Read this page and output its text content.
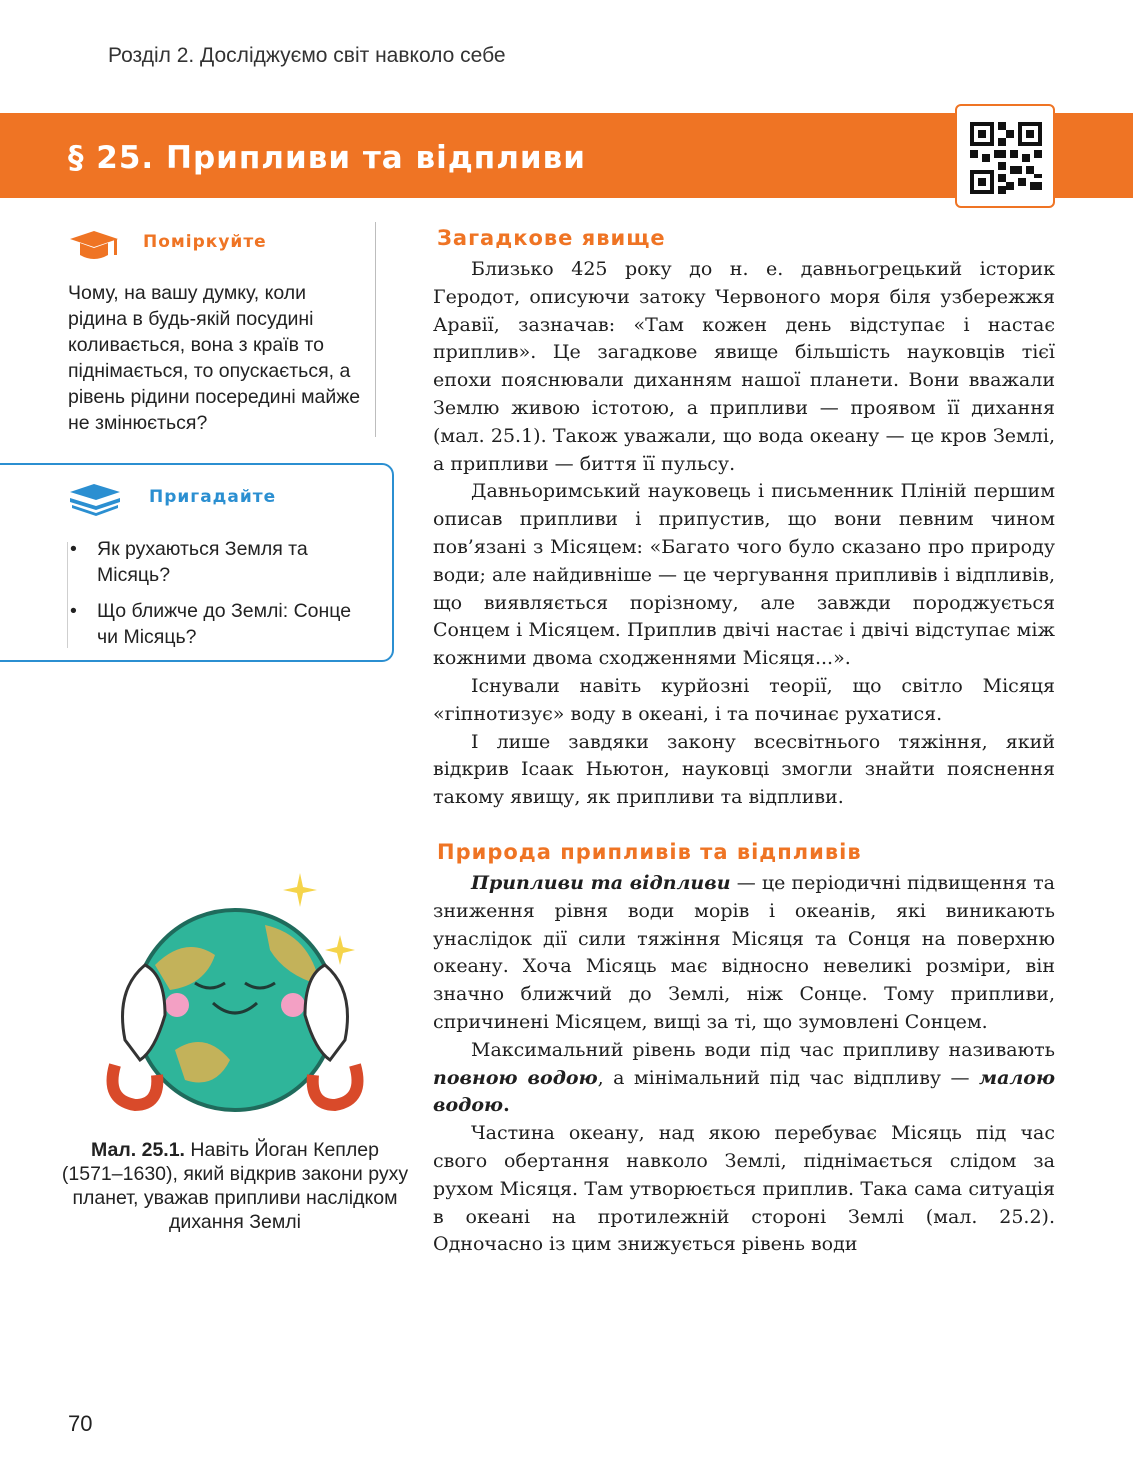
Розділ 2. Досліджуємо світ навколо себе
§ 25. Припливи та відпливи
Поміркуйте
Чому, на вашу думку, коли рідина в будь-якій посудині коливається, вона з країв то піднімається, то опускається, а рівень рідини посередині майже не змінюється?
Пригадайте
• Як рухаються Земля та Місяць?
• Що ближче до Землі: Сонце чи Місяць?
Мал. 25.1. Навіть Йоган Кеплер (1571–1630), який відкрив закони руху планет, уважав припливи наслідком дихання Землі
Загадкове явище

Близько 425 року до н. е. давньогрецький історик Геродот, описуючи затоку Червоного моря біля узбережжя Аравії, зазначав: «Там кожен день відступає і настає приплив». Це загадкове явище більшість науковців тієї епохи пояснювали диханням нашої планети. Вони вважали Землю живою істотою, а припливи — проявом її дихання (мал. 25.1). Також уважали, що вода океану — це кров Землі, а припливи — биття її пульсу.

Давньоримський науковець і письменник Пліній першим описав припливи і припустив, що вони певним чином пов’язані з Місяцем: «Багато чого було сказано про природу води; але найдивніше — це чергування припливів і відпливів, що виявляється порізному, але завжди породжується Сонцем і Місяцем. Приплив двічі настає і двічі відступає між кожними двома сходженнями Місяця...».

Існували навіть курйозні теорії, що світло Місяця «гіпнотизує» воду в океані, і та починає рухатися.

І лише завдяки закону всесвітнього тяжіння, який відкрив Ісаак Ньютон, науковці змогли знайти пояснення такому явищу, як припливи та відпливи.

Природа припливів та відпливів

Припливи та відпливи — це періодичні підвищення та зниження рівня води морів і океанів, які виникають унаслідок дії сили тяжіння Місяця та Сонця на поверхню океану. Хоча Місяць має відносно невеликі розміри, він значно ближчий до Землі, ніж Сонце. Тому припливи, спричинені Місяцем, вищі за ті, що зумовлені Сонцем.

Максимальний рівень води під час припливу називають повною водою, а мінімальний під час відпливу — малою водою.

Частина океану, над якою перебуває Місяць під час свого обертання навколо Землі, піднімається слідом за рухом Місяця. Там утворюється приплив. Така сама ситуація в океані на протилежній стороні Землі (мал. 25.2). Одночасно із цим знижується рівень води

70
